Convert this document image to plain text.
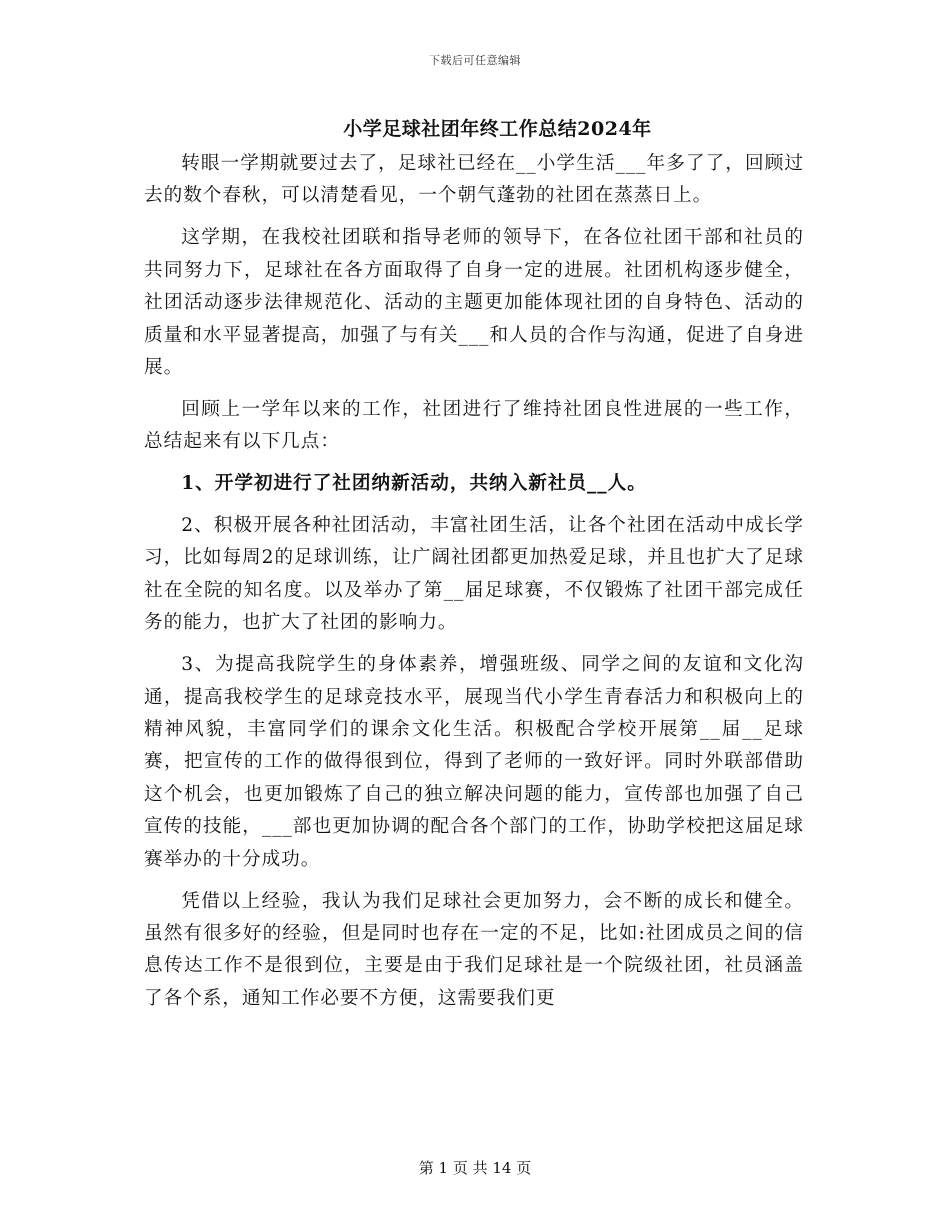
下载后可任意编辑
小学足球社团年终工作总结2024年

转眼一学期就要过去了，足球社已经在__小学生活___年多了了，回顾过去的数个春秋，可以清楚看见，一个朝气蓬勃的社团在蒸蒸日上。

这学期，在我校社团联和指导老师的领导下，在各位社团干部和社员的共同努力下，足球社在各方面取得了自身一定的进展。社团机构逐步健全，社团活动逐步法律规范化、活动的主题更加能体现社团的自身特色、活动的质量和水平显著提高，加强了与有关___和人员的合作与沟通，促进了自身进展。

回顾上一学年以来的工作，社团进行了维持社团良性进展的一些工作，总结起来有以下几点：

1、开学初进行了社团纳新活动，共纳入新社员__人。

2、积极开展各种社团活动，丰富社团生活，让各个社团在活动中成长学习，比如每周2的足球训练，让广阔社团都更加热爱足球，并且也扩大了足球社在全院的知名度。以及举办了第__届足球赛，不仅锻炼了社团干部完成任务的能力，也扩大了社团的影响力。

3、为提高我院学生的身体素养，增强班级、同学之间的友谊和文化沟通，提高我校学生的足球竞技水平，展现当代小学生青春活力和积极向上的精神风貌，丰富同学们的课余文化生活。积极配合学校开展第__届__足球赛，把宣传的工作的做得很到位，得到了老师的一致好评。同时外联部借助这个机会，也更加锻炼了自己的独立解决问题的能力，宣传部也加强了自己宣传的技能，___部也更加协调的配合各个部门的工作，协助学校把这届足球赛举办的十分成功。

凭借以上经验，我认为我们足球社会更加努力，会不断的成长和健全。虽然有很多好的经验，但是同时也存在一定的不足，比如:社团成员之间的信息传达工作不是很到位，主要是由于我们足球社是一个院级社团，社员涵盖了各个系，通知工作必要不方便，这需要我们更

第 1 页 共 14 页
